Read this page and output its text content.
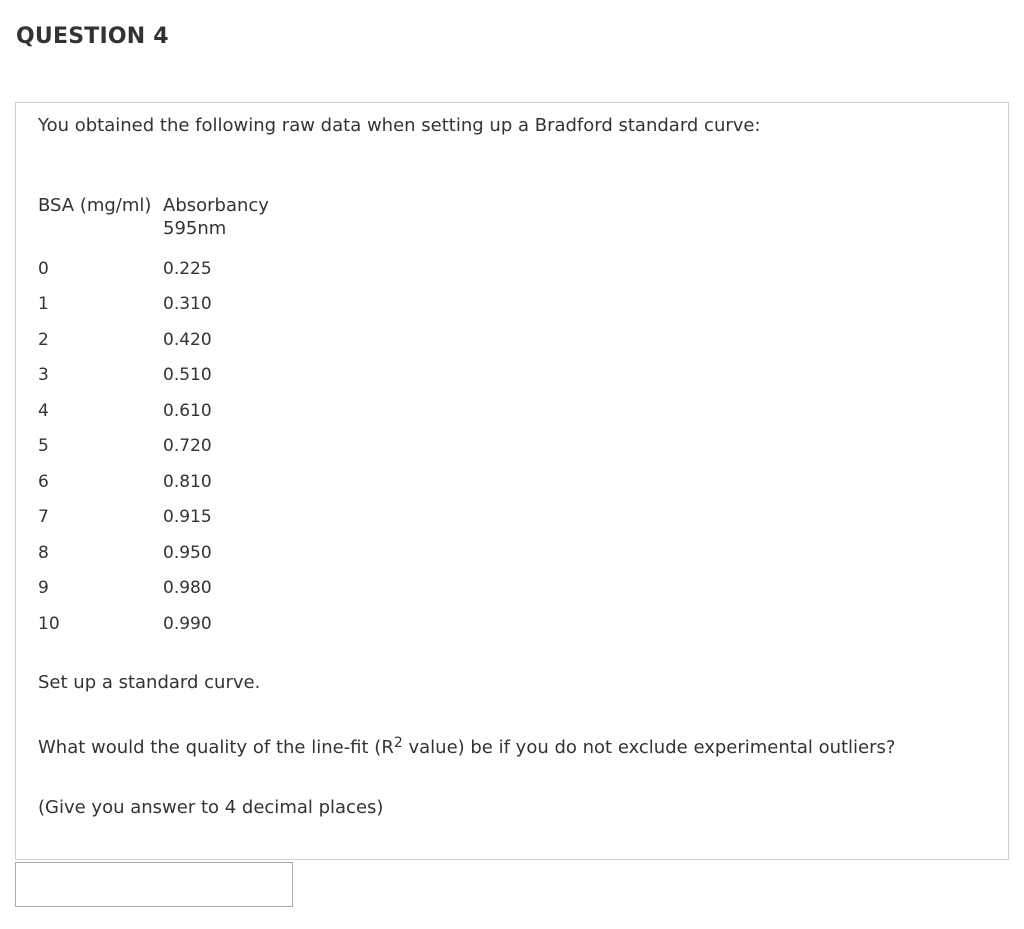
QUESTION 4
You obtained the following raw data when setting up a Bradford standard curve:
BSA (mg/ml) Absorbancy
595nm
0	0.225
1	0.310
2	0.420
3	0.510
4	0.610
5	0.720
6	0.810
7	0.915
8	0.950
9	0.980
10	0.990
Set up a standard curve.
What would the quality of the line-fit ($R^2$ value) be if you do not exclude experimental outliers?
(Give you answer to 4 decimal places)
